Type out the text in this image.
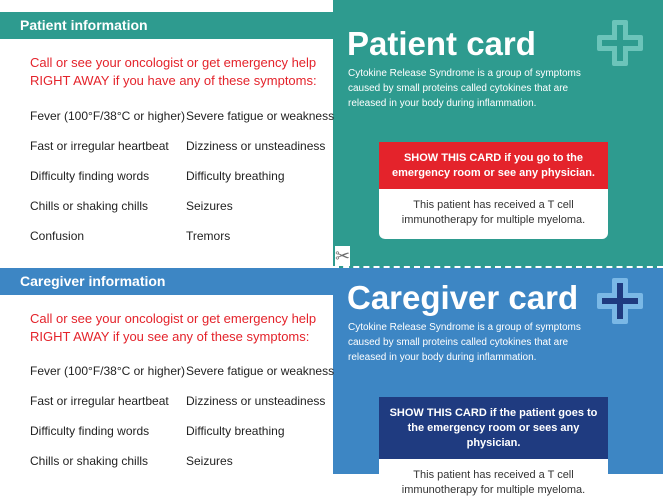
Patient information
Call or see your oncologist or get emergency help RIGHT AWAY if you have any of these symptoms:
Fever (100°F/38°C or higher)
Fast or irregular heartbeat
Difficulty finding words
Chills or shaking chills
Confusion
Severe fatigue or weakness
Dizziness or unsteadiness
Difficulty breathing
Seizures
Tremors
Patient card
Cytokine Release Syndrome is a group of symptoms caused by small proteins called cytokines that are released in your body during inflammation.
SHOW THIS CARD if you go to the emergency room or see any physician.
This patient has received a T cell immunotherapy for multiple myeloma.
✂
Caregiver information
Call or see your oncologist or get emergency help RIGHT AWAY if you see any of these symptoms:
Fever (100°F/38°C or higher)
Fast or irregular heartbeat
Difficulty finding words
Chills or shaking chills
Severe fatigue or weakness
Dizziness or unsteadiness
Difficulty breathing
Seizures
Caregiver card
Cytokine Release Syndrome is a group of symptoms caused by small proteins called cytokines that are released in your body during inflammation.
SHOW THIS CARD if the patient goes to the emergency room or sees any physician.
This patient has received a T cell immunotherapy for multiple myeloma.
